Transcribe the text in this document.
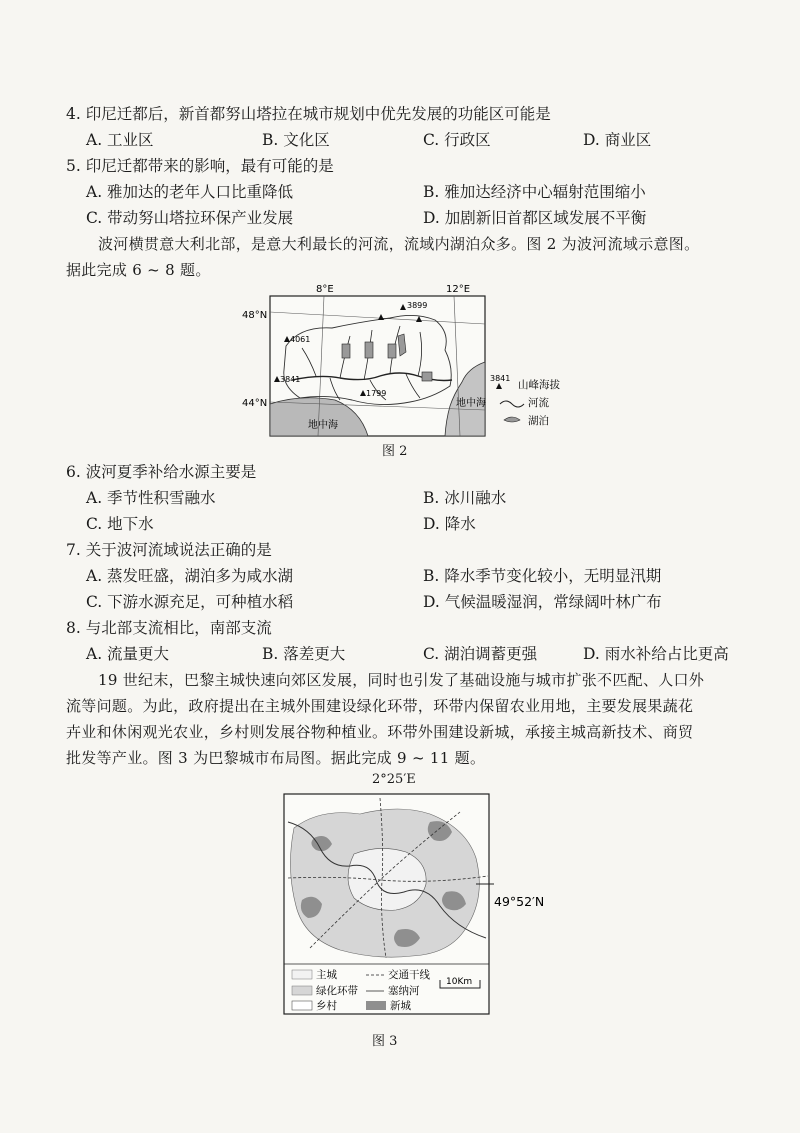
4. 印尼迁都后，新首都努山塔拉在城市规划中优先发展的功能区可能是
A. 工业区	B. 文化区	C. 行政区	D. 商业区
5. 印尼迁都带来的影响，最有可能的是
A. 雅加达的老年人口比重降低	B. 雅加达经济中心辐射范围缩小
C. 带动努山塔拉环保产业发展	D. 加剧新旧首都区域发展不平衡
波河横贯意大利北部，是意大利最长的河流，流域内湖泊众多。图 2 为波河流域示意图。
据此完成 6 ~ 8 题。
8°E	12°E
48°N
44°N
地中海
地中海
3899
4061
3841
1799
3841
山峰海拔
河流
湖泊
图 2
6. 波河夏季补给水源主要是
A. 季节性积雪融水	B. 冰川融水
C. 地下水	D. 降水
7. 关于波河流域说法正确的是
A. 蒸发旺盛，湖泊多为咸水湖	B. 降水季节变化较小，无明显汛期
C. 下游水源充足，可种植水稻	D. 气候温暖湿润，常绿阔叶林广布
8. 与北部支流相比，南部支流
A. 流量更大	B. 落差更大	C. 湖泊调蓄更强	D. 雨水补给占比更高
19 世纪末，巴黎主城快速向郊区发展，同时也引发了基础设施与城市扩张不匹配、人口外
流等问题。为此，政府提出在主城外围建设绿化环带，环带内保留农业用地，主要发展果蔬花
卉业和休闲观光农业，乡村则发展谷物种植业。环带外围建设新城，承接主城高新技术、商贸
批发等产业。图 3 为巴黎城市布局图。据此完成 9 ~ 11 题。
2°25′E
49°52′N
主城	交通干线
绿化环带	塞纳河
乡村	新城
10Km
图 3
